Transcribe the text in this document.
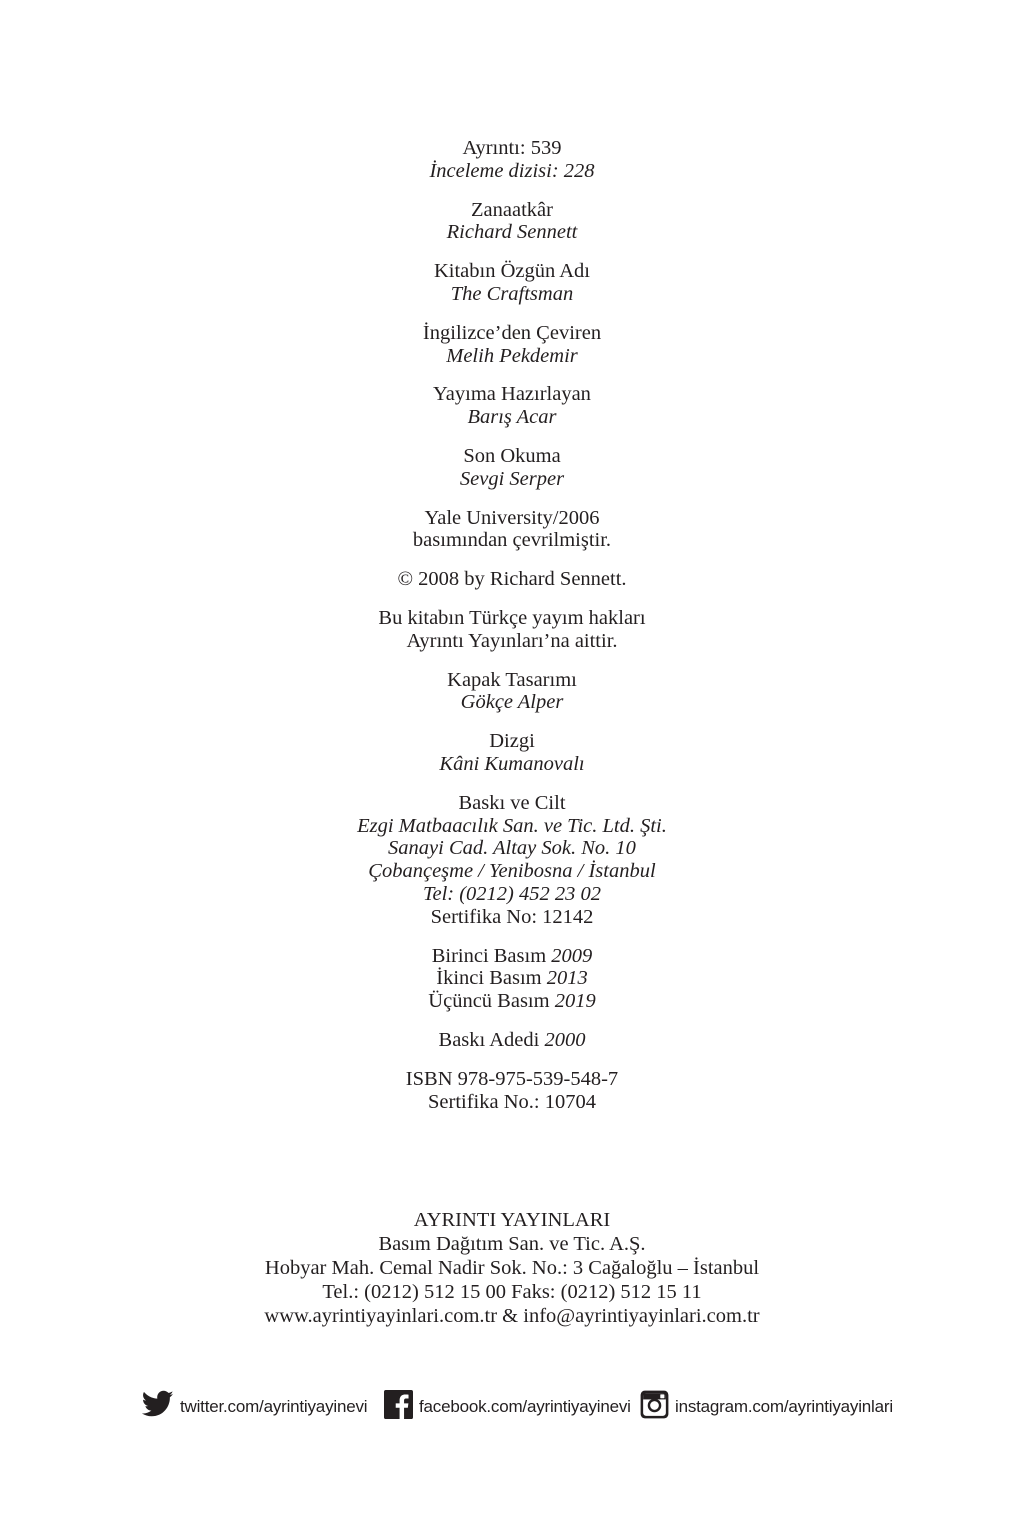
Ayrıntı: 539
İnceleme dizisi: 228
Zanaatkâr
Richard Sennett
Kitabın Özgün Adı
The Craftsman
İngilizce’den Çeviren
Melih Pekdemir
Yayıma Hazırlayan
Barış Acar
Son Okuma
Sevgi Serper
Yale University/2006
basımından çevrilmiştir.
© 2008 by Richard Sennett.
Bu kitabın Türkçe yayım hakları
Ayrıntı Yayınları’na aittir.
Kapak Tasarımı
Gökçe Alper
Dizgi
Kâni Kumanovalı
Baskı ve Cilt
Ezgi Matbaacılık San. ve Tic. Ltd. Şti.
Sanayi Cad. Altay Sok. No. 10
Çobançeşme / Yenibosna / İstanbul
Tel: (0212) 452 23 02
Sertifika No: 12142
Birinci Basım 2009
İkinci Basım 2013
Üçüncü Basım 2019
Baskı Adedi 2000
ISBN 978-975-539-548-7
Sertifika No.: 10704
AYRINTI YAYINLARI
Basım Dağıtım San. ve Tic. A.Ş.
Hobyar Mah. Cemal Nadir Sok. No.: 3 Cağaloğlu – İstanbul
Tel.: (0212) 512 15 00 Faks: (0212) 512 15 11
www.ayrintiyayinlari.com.tr & info@ayrintiyayinlari.com.tr
twitter.com/ayrintiyayinevi	facebook.com/ayrintiyayinevi	instagram.com/ayrintiyayinlari
